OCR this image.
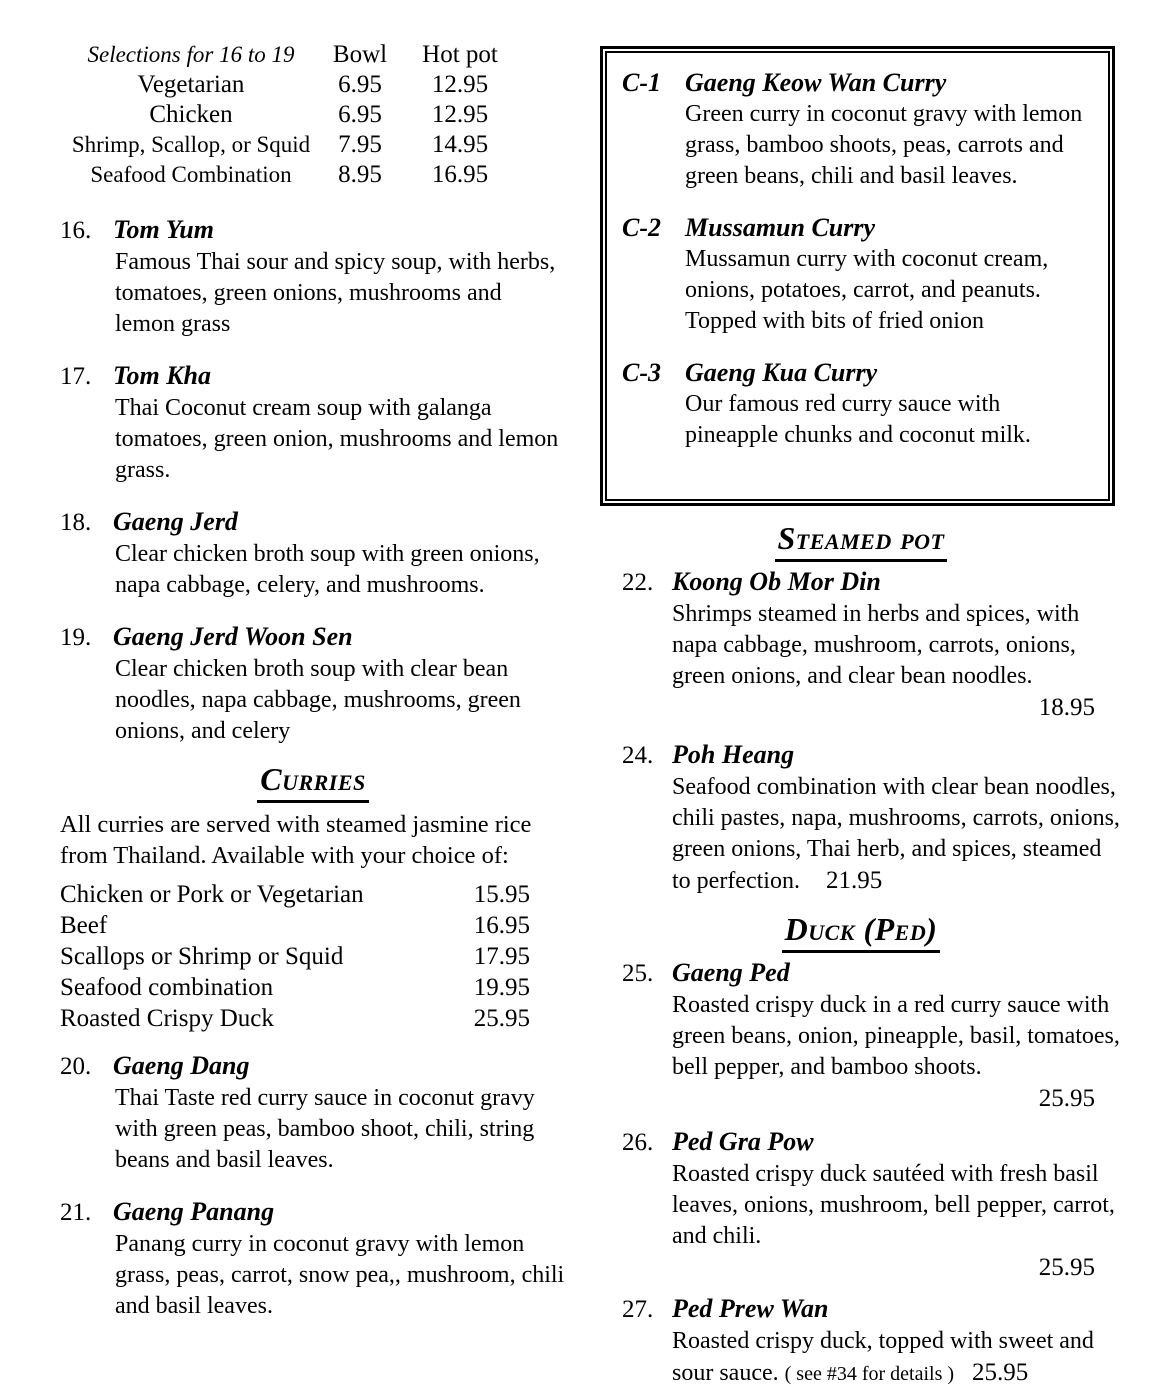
Selections for 16 to 19	Bowl	Hot pot
Vegetarian	6.95	12.95
Chicken	6.95	12.95
Shrimp, Scallop, or Squid	7.95	14.95
Seafood Combination	8.95	16.95
16. Tom Yum
Famous Thai sour and spicy soup, with herbs, tomatoes, green onions, mushrooms and lemon grass
17. Tom Kha
Thai Coconut cream soup with galanga tomatoes, green onion, mushrooms and lemon grass.
18. Gaeng Jerd
Clear chicken broth soup with green onions, napa cabbage, celery, and mushrooms.
19. Gaeng Jerd Woon Sen
Clear chicken broth soup with clear bean noodles, napa cabbage, mushrooms, green onions, and celery
Curries
All curries are served with steamed jasmine rice from Thailand. Available with your choice of:
Chicken or Pork or Vegetarian	15.95
Beef	16.95
Scallops or Shrimp or Squid	17.95
Seafood combination	19.95
Roasted Crispy Duck	25.95
20. Gaeng Dang
Thai Taste red curry sauce in coconut gravy with green peas, bamboo shoot, chili, string beans and basil leaves.
21. Gaeng Panang
Panang curry in coconut gravy with lemon grass, peas, carrot, snow pea,, mushroom, chili and basil leaves.
C-1 Gaeng Keow Wan Curry
Green curry in coconut gravy with lemon grass, bamboo shoots, peas, carrots and green beans, chili and basil leaves.
C-2 Mussamun Curry
Mussamun curry with coconut cream, onions, potatoes, carrot, and peanuts. Topped with bits of fried onion
C-3 Gaeng Kua Curry
Our famous red curry sauce with pineapple chunks and coconut milk.
Steamed pot
22. Koong Ob Mor Din
Shrimps steamed in herbs and spices, with napa cabbage, mushroom, carrots, onions, green onions, and clear bean noodles.
18.95
24. Poh Heang
Seafood combination with clear bean noodles, chili pastes, napa, mushrooms, carrots, onions, green onions, Thai herb, and spices, steamed to perfection. 21.95
Duck (Ped)
25. Gaeng Ped
Roasted crispy duck in a red curry sauce with green beans, onion, pineapple, basil, tomatoes, bell pepper, and bamboo shoots.
25.95
26. Ped Gra Pow
Roasted crispy duck sautéed with fresh basil leaves, onions, mushroom, bell pepper, carrot, and chili.
25.95
27. Ped Prew Wan
Roasted crispy duck, topped with sweet and sour sauce. ( see #34 for details ) 25.95
